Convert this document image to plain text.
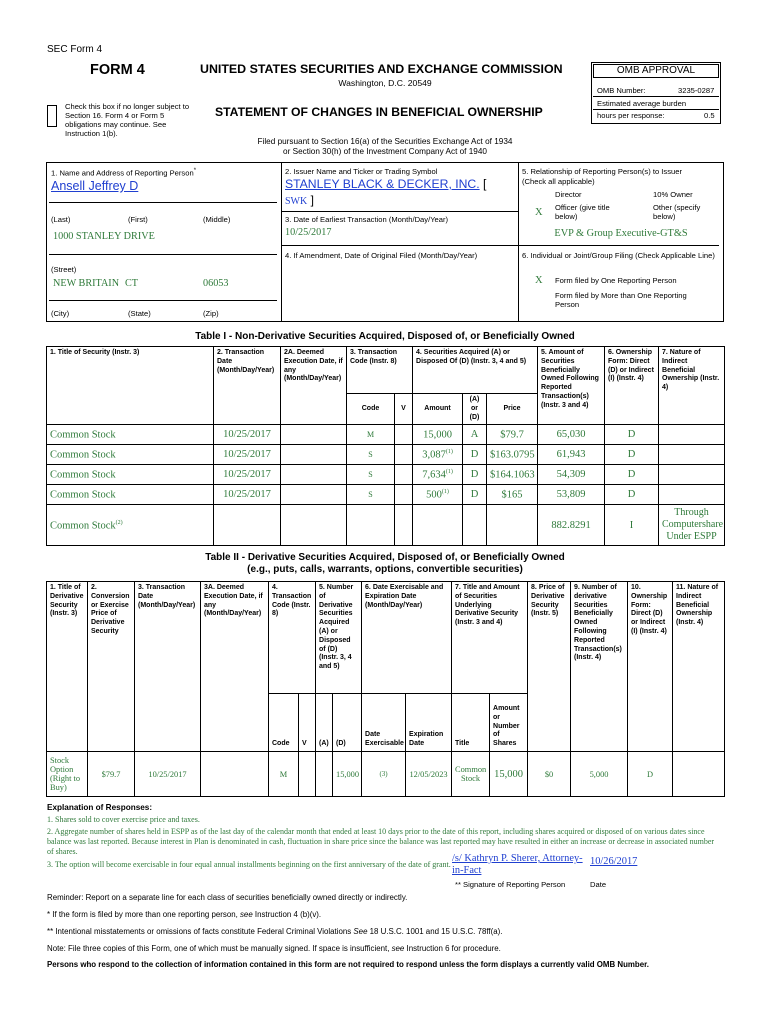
SEC Form 4
FORM 4	UNITED STATES SECURITIES AND EXCHANGE COMMISSION
Washington, D.C. 20549
Check this box if no longer subject to Section 16. Form 4 or Form 5 obligations may continue. See Instruction 1(b).
STATEMENT OF CHANGES IN BENEFICIAL OWNERSHIP
Filed pursuant to Section 16(a) of the Securities Exchange Act of 1934
or Section 30(h) of the Investment Company Act of 1940
OMB APPROVAL
OMB Number:	3235-0287
Estimated average burden
hours per response:	0.5
1. Name and Address of Reporting Person*
Ansell Jeffrey D
(Last)	(First)	(Middle)
1000 STANLEY DRIVE
(Street)
NEW BRITAIN CT	06053
(City)	(State)	(Zip)
2. Issuer Name and Ticker or Trading Symbol
STANLEY BLACK & DECKER, INC. [
SWK ]
3. Date of Earliest Transaction (Month/Day/Year)
10/25/2017
4. If Amendment, Date of Original Filed (Month/Day/Year)
5. Relationship of Reporting Person(s) to Issuer
(Check all applicable)
Director	10% Owner
X Officer (give title below)
Other (specify below)
EVP & Group Executive-GT&S
6. Individual or Joint/Group Filing (Check Applicable Line)
X Form filed by One Reporting Person
Form filed by More than One Reporting Person
Table I - Non-Derivative Securities Acquired, Disposed of, or Beneficially Owned
1. Title of Security (Instr. 3)	2. Transaction Date (Month/Day/Year)	2A. Deemed Execution Date, if any (Month/Day/Year)	3. Transaction Code (Instr. 8)		4. Securities Acquired (A) or Disposed Of (D) (Instr. 3, 4 and 5)			5. Amount of Securities Beneficially Owned Following Reported Transaction(s) (Instr. 3 and 4)	6. Ownership Form: Direct (D) or Indirect (I) (Instr. 4)	7. Nature of Indirect Beneficial Ownership (Instr. 4)
			Code	V	Amount	(A) or (D)	Price			
Common Stock	10/25/2017		M		15,000	A	$79.7	65,030	D	
Common Stock	10/25/2017		S		3,087$^{(1)}$	D	$163.0795	61,943	D	
Common Stock	10/25/2017		S		7,634$^{(1)}$	D	$164.1063	54,309	D	
Common Stock	10/25/2017		S		500$^{(1)}$	D	$165	53,809	D	
Common Stock$^{(2)}$								882.8291	I	Through Computershare Under ESPP
Table II - Derivative Securities Acquired, Disposed of, or Beneficially Owned
(e.g., puts, calls, warrants, options, convertible securities)
1. Title of Derivative Security (Instr. 3)	2. Conversion or Exercise Price of Derivative Security	3. Transaction Date (Month/Day/Year)	3A. Deemed Execution Date, if any (Month/Day/Year)	4. Transaction Code (Instr. 8)		5. Number of Derivative Securities Acquired (A) or Disposed of (D) (Instr. 3, 4 and 5)		6. Date Exercisable and Expiration Date (Month/Day/Year)		7. Title and Amount of Securities Underlying Derivative Security (Instr. 3 and 4)		8. Price of Derivative Security (Instr. 5)	9. Number of derivative Securities Beneficially Owned Following Reported Transaction(s) (Instr. 4)	10. Ownership Form: Direct (D) or Indirect (I) (Instr. 4)	11. Nature of Indirect Beneficial Ownership (Instr. 4)
				Code	V	(A)	(D)	Date Exercisable	Expiration Date	Title	Amount or Number of Shares				
Stock Option (Right to Buy)	$79.7	10/25/2017		M			15,000	(3)	12/05/2023	Common Stock	15,000	$0	5,000	D	
Explanation of Responses:
1. Shares sold to cover exercise price and taxes.
2. Aggregate number of shares held in ESPP as of the last day of the calendar month that ended at least 10 days prior to the date of this report, including shares acquired or disposed of on various dates since balance was last reported. Because interest in Plan is denominated in cash, fluctuation in share price since the balance was last reported may have resulted in either an increase or decrease in associated number of shares.
3. The option will become exercisable in four equal annual installments beginning on the first anniversary of the date of grant.
/s/ Kathryn P. Sherer, Attorney-in-Fact
10/26/2017
** Signature of Reporting Person	Date
Reminder: Report on a separate line for each class of securities beneficially owned directly or indirectly.
* If the form is filed by more than one reporting person, see Instruction 4 (b)(v).
** Intentional misstatements or omissions of facts constitute Federal Criminal Violations See 18 U.S.C. 1001 and 15 U.S.C. 78ff(a).
Note: File three copies of this Form, one of which must be manually signed. If space is insufficient, see Instruction 6 for procedure.
Persons who respond to the collection of information contained in this form are not required to respond unless the form displays a currently valid OMB Number.
